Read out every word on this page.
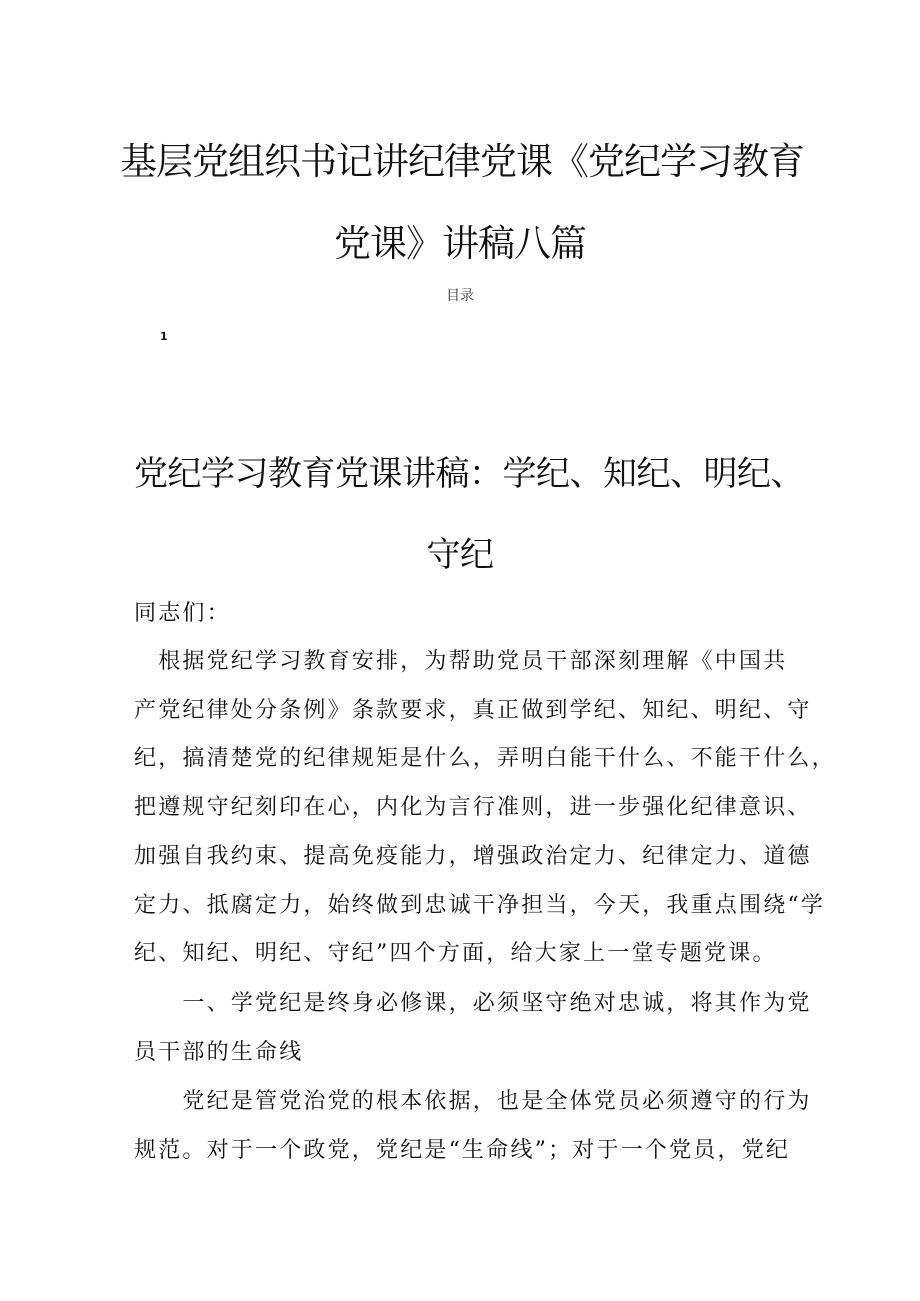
基层党组织书记讲纪律党课《党纪学习教育
党课》讲稿八篇
目录
1
党纪学习教育党课讲稿：学纪、知纪、明纪、
守纪

同志们：

　根据党纪学习教育安排，为帮助党员干部深刻理解《中国共
产党纪律处分条例》条款要求，真正做到学纪、知纪、明纪、守
纪，搞清楚党的纪律规矩是什么，弄明白能干什么、不能干什么，
把遵规守纪刻印在心，内化为言行准则，进一步强化纪律意识、
加强自我约束、提高免疫能力，增强政治定力、纪律定力、道德
定力、抵腐定力，始终做到忠诚干净担当，今天，我重点围绕“学
纪、知纪、明纪、守纪”四个方面，给大家上一堂专题党课。

　　一、学党纪是终身必修课，必须坚守绝对忠诚，将其作为党
员干部的生命线

　　党纪是管党治党的根本依据，也是全体党员必须遵守的行为
规范。对于一个政党，党纪是“生命线”；对于一个党员，党纪
